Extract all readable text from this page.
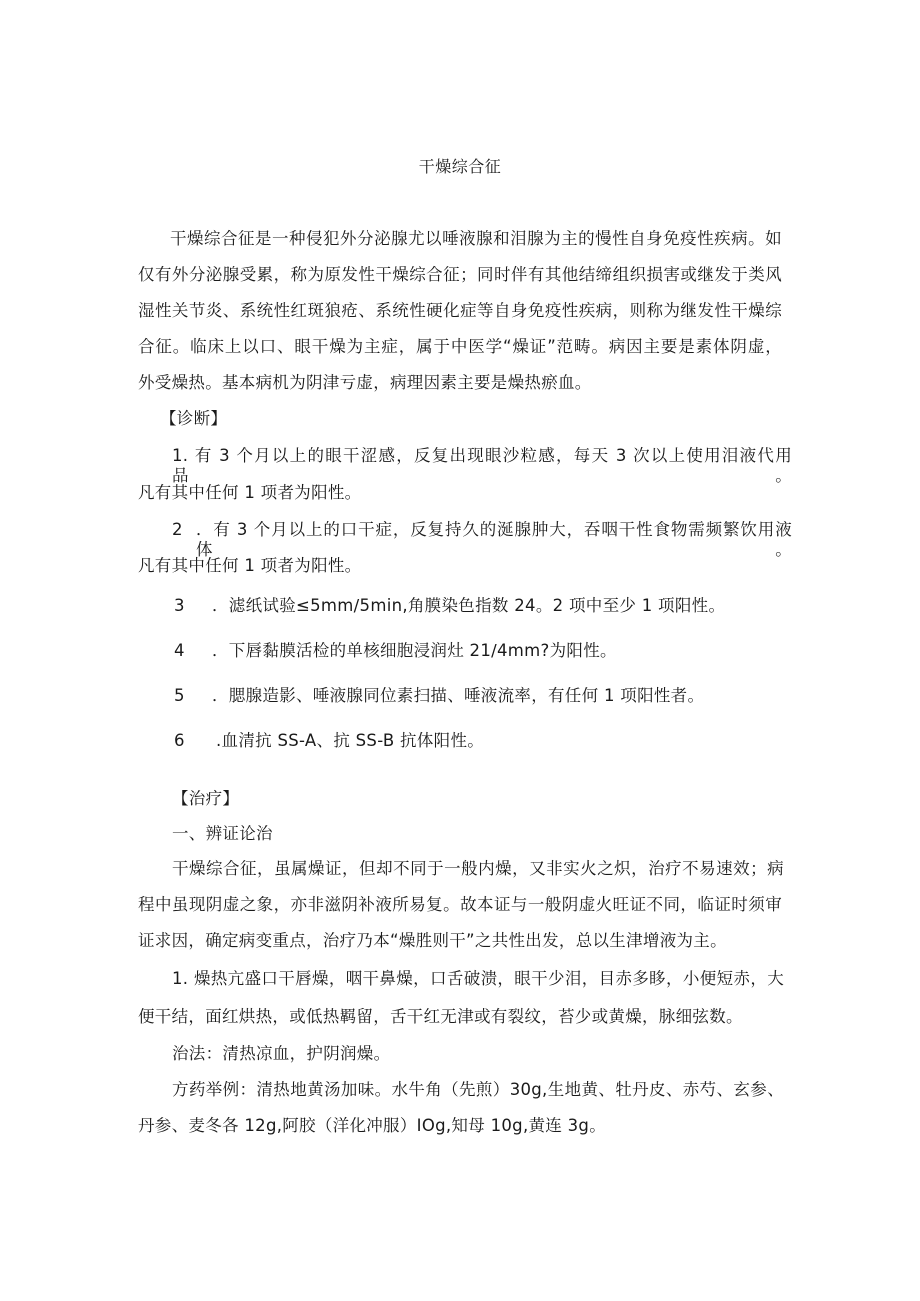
干燥综合征
干燥综合征是一种侵犯外分泌腺尤以唾液腺和泪腺为主的慢性自身免疫性疾病。如
仅有外分泌腺受累，称为原发性干燥综合征；同时伴有其他结缔组织损害或继发于类风
湿性关节炎、系统性红斑狼疮、系统性硬化症等自身免疫性疾病，则称为继发性干燥综
合征。临床上以口、眼干燥为主症，属于中医学“燥证”范畴。病因主要是素体阴虚，
外受燥热。基本病机为阴津亏虚，病理因素主要是燥热瘀血。
【诊断】
1. 有 3 个月以上的眼干涩感，反复出现眼沙粒感，每天 3 次以上使用泪液代用品。
凡有其中任何 1 项者为阳性。
2 ．有 3 个月以上的口干症，反复持久的涎腺肿大，吞咽干性食物需频繁饮用液体。
凡有其中任何 1 项者为阳性。
3 ．滤纸试验≤5mm∕5min,角膜染色指数 24。2 项中至少 1 项阳性。
4 ．下唇黏膜活检的单核细胞浸润灶 21∕4mm?为阳性。
5 ．腮腺造影、唾液腺同位素扫描、唾液流率，有任何 1 项阳性者。
6 .血清抗 SS-A、抗 SS-B 抗体阳性。
【治疗】
一、辨证论治
干燥综合征，虽属燥证，但却不同于一般内燥，又非实火之炽，治疗不易速效；病
程中虽现阴虚之象，亦非滋阴补液所易复。故本证与一般阴虚火旺证不同，临证时须审
证求因，确定病变重点，治疗乃本“燥胜则干”之共性出发，总以生津增液为主。
1. 燥热亢盛口干唇燥，咽干鼻燥，口舌破溃，眼干少泪，目赤多眵，小便短赤，大
便干结，面红烘热，或低热羁留，舌干红无津或有裂纹，苔少或黄燥，脉细弦数。
治法：清热凉血，护阴润燥。
方药举例：清热地黄汤加味。水牛角（先煎）30g,生地黄、牡丹皮、赤芍、玄参、
丹参、麦冬各 12g,阿胶（洋化冲服）IOg,知母 10g,黄连 3g。
